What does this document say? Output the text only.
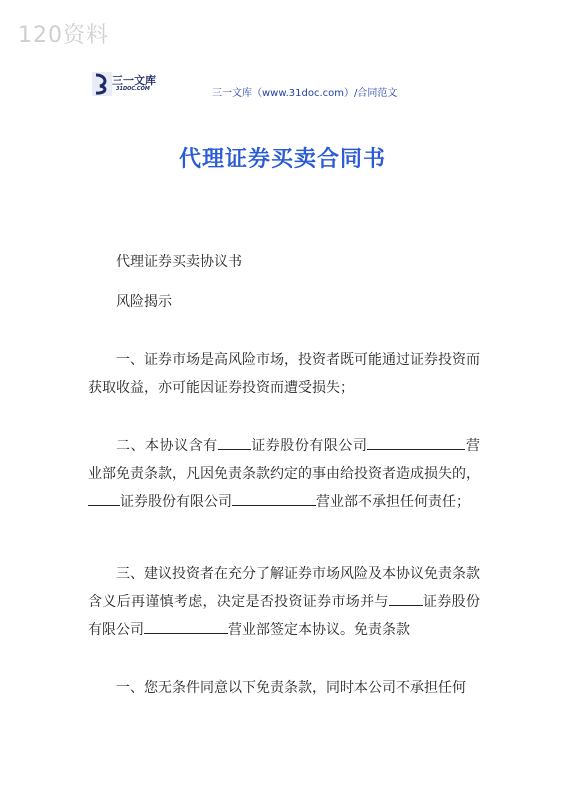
120资料
三一文库
31DOC.COM	三一文库（www.31doc.com）/合同范文
代理证券买卖合同书
代理证券买卖协议书
风险揭示
一、证券市场是高风险市场，投资者既可能通过证券投资而获取收益，亦可能因证券投资而遭受损失；
二、本协议含有 证券股份有限公司	营业部免责条款，凡因免责条款约定的事由给投资者造成损失的，证券股份有限公司	营业部不承担任何责任；
三、建议投资者在充分了解证券市场风险及本协议免责条款含义后再谨慎考虑，决定是否投资证券市场并与 证券股份有限公司	营业部签定本协议。免责条款
一、您无条件同意以下免责条款，同时本公司不承担任何
